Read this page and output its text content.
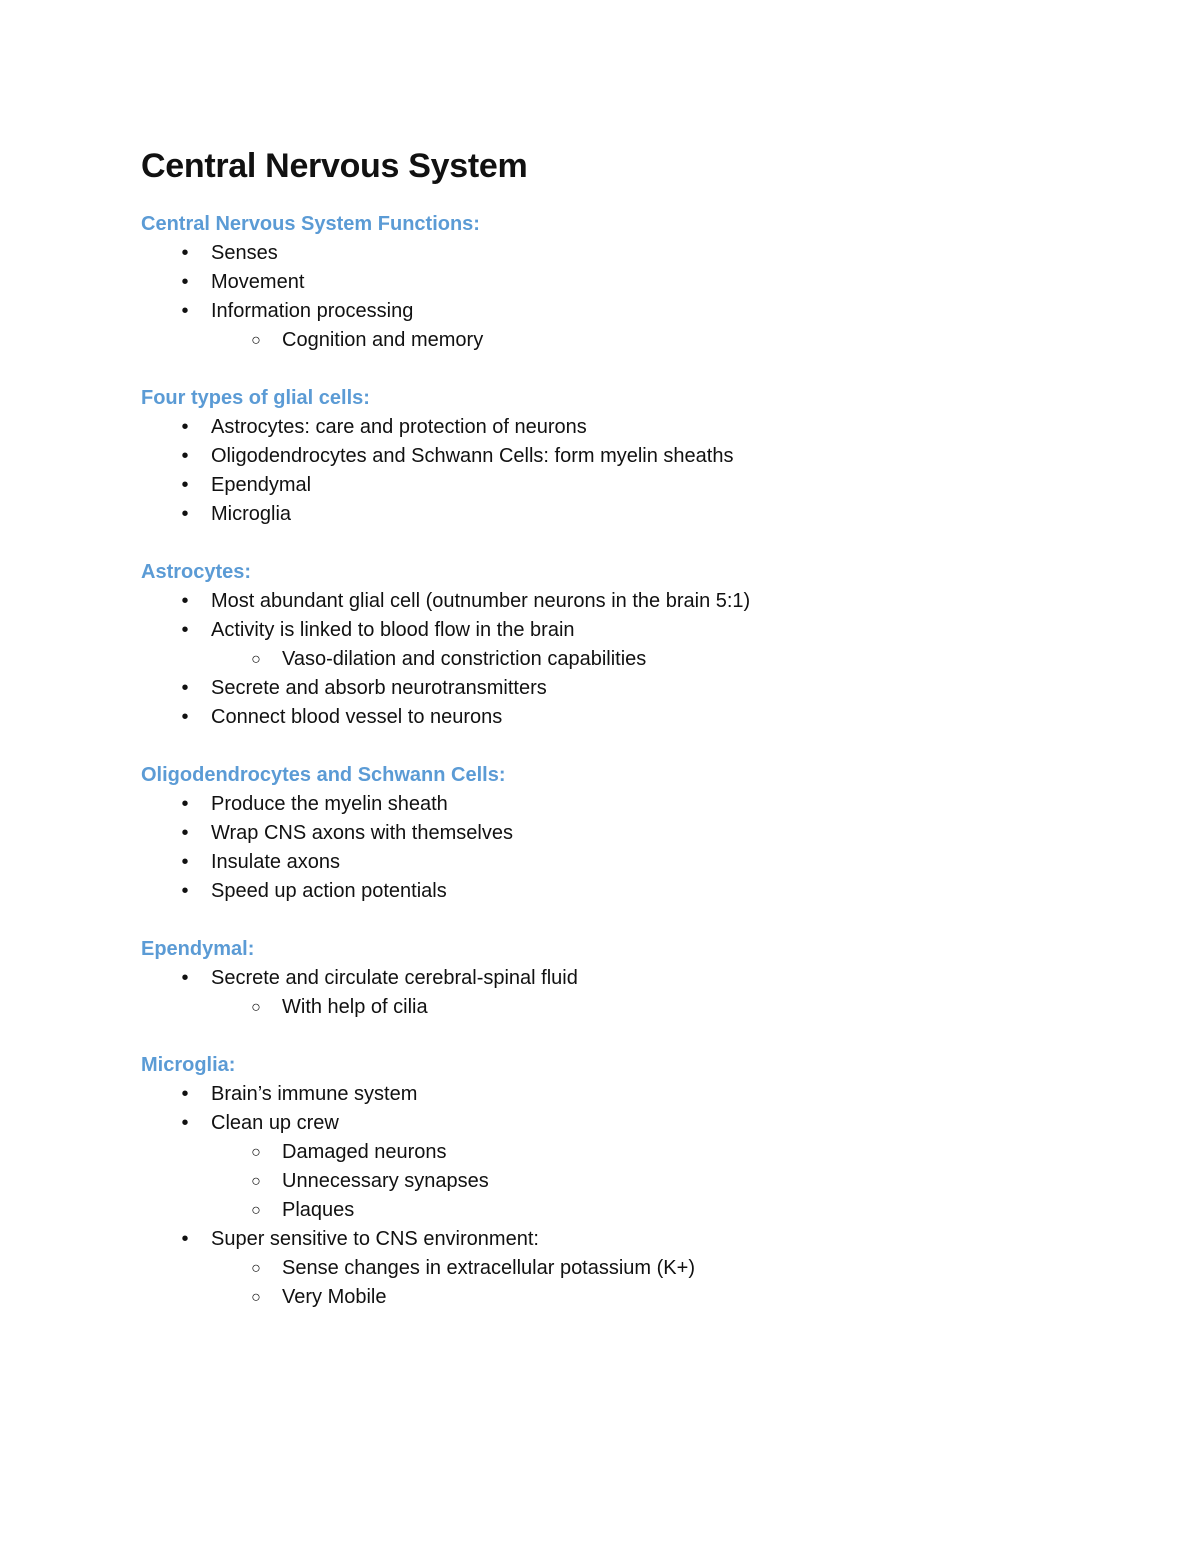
Central Nervous System
Central Nervous System Functions:
•	Senses
•	Movement
•	Information processing
○ Cognition and memory
Four types of glial cells:
•	Astrocytes: care and protection of neurons
•	Oligodendrocytes and Schwann Cells: form myelin sheaths
•	Ependymal
•	Microglia
Astrocytes:
•	Most abundant glial cell (outnumber neurons in the brain 5:1)
•	Activity is linked to blood flow in the brain
○ Vaso-dilation and constriction capabilities
•	Secrete and absorb neurotransmitters
•	Connect blood vessel to neurons
Oligodendrocytes and Schwann Cells:
•	Produce the myelin sheath
•	Wrap CNS axons with themselves
•	Insulate axons
•	Speed up action potentials
Ependymal:
•	Secrete and circulate cerebral-spinal fluid
○ With help of cilia
Microglia:
•	Brain’s immune system
•	Clean up crew
○ Damaged neurons
○ Unnecessary synapses
○ Plaques
•	Super sensitive to CNS environment:
○ Sense changes in extracellular potassium (K+)
○ Very Mobile
